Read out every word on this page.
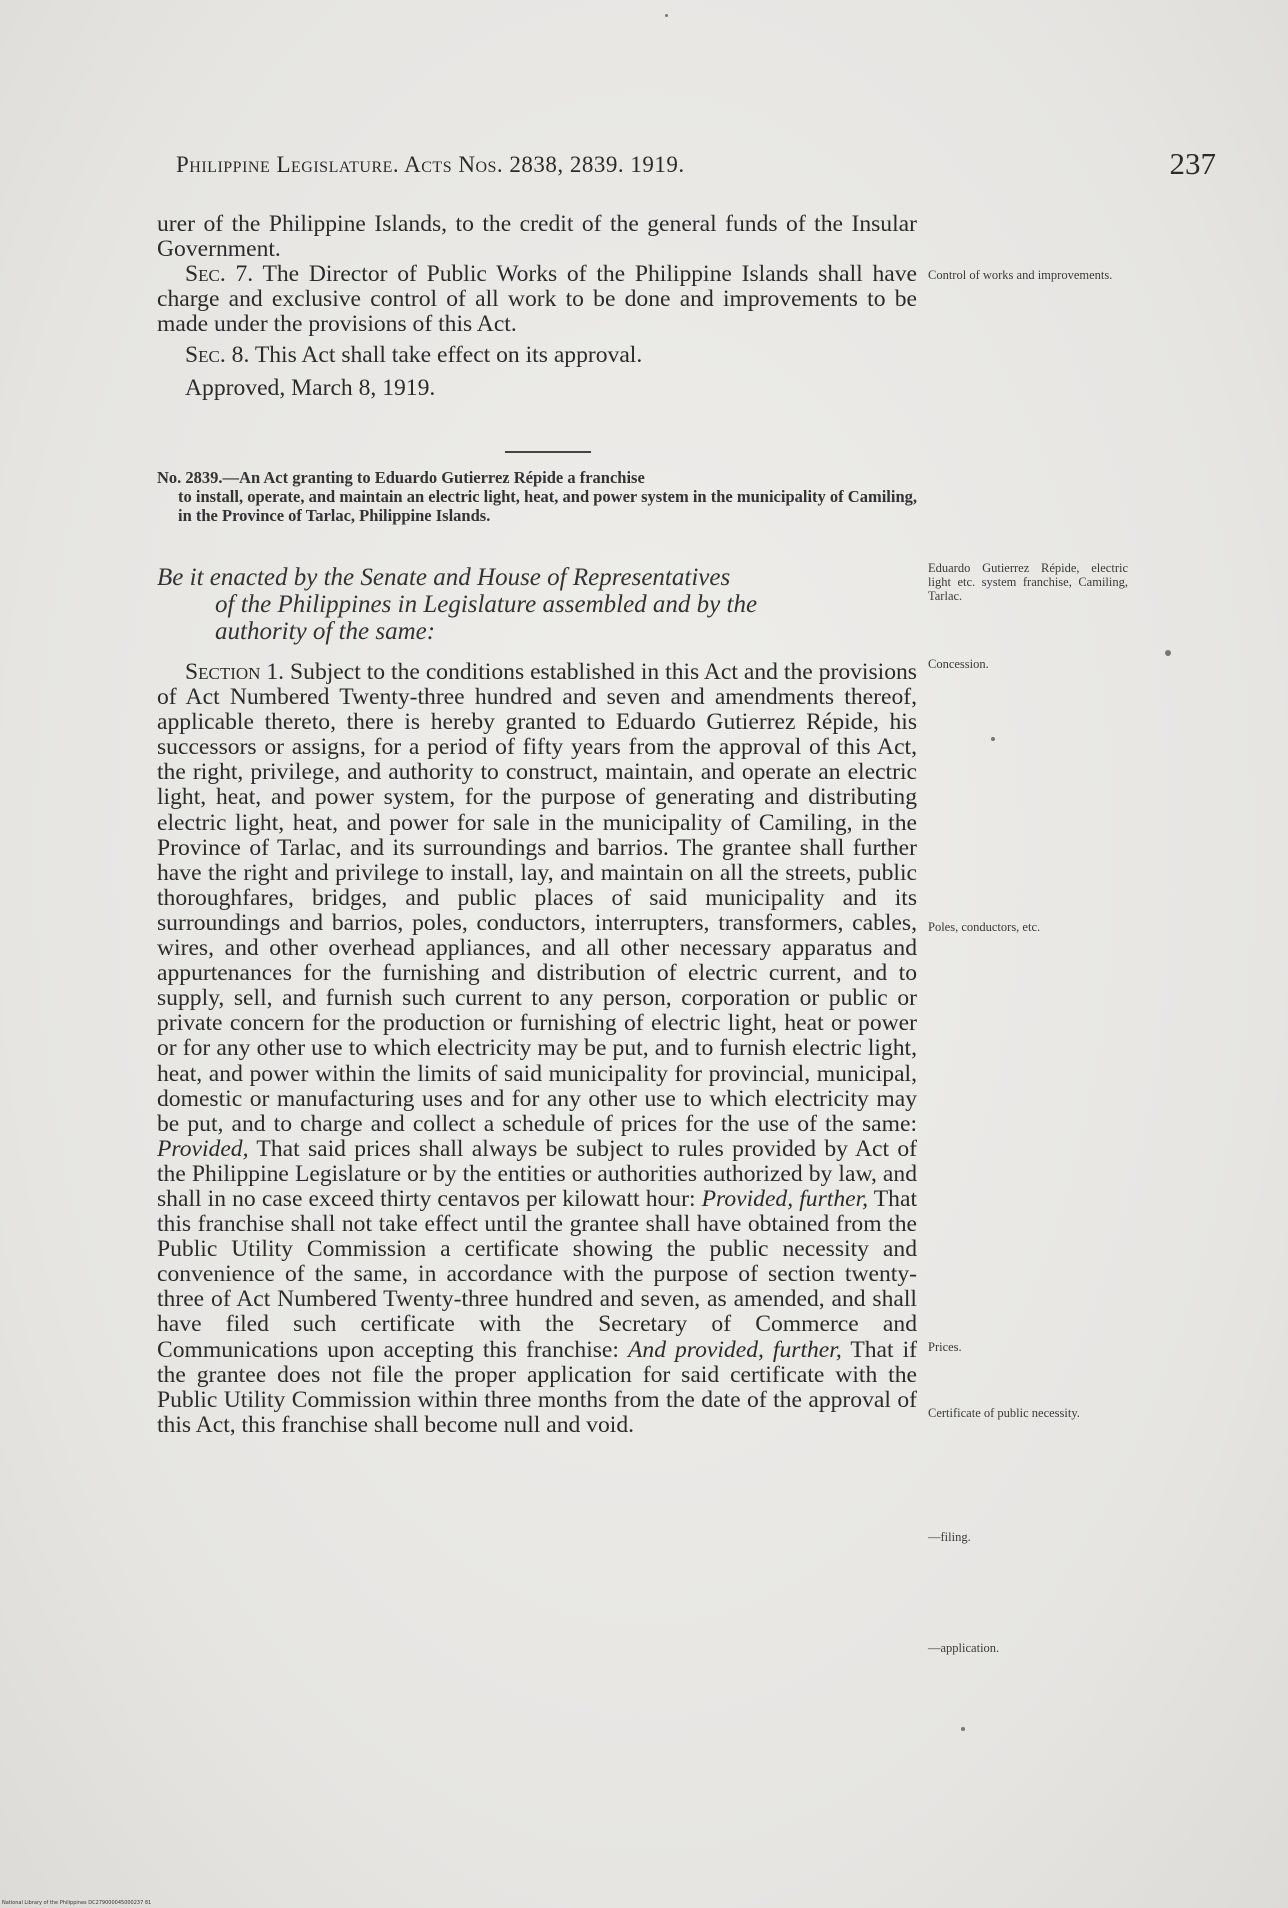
Philippine Legislature. Acts Nos. 2838, 2839. 1919.	237

urer of the Philippine Islands, to the credit of the general funds of the Insular Government.

Sec. 7. The Director of Public Works of the Philippine Islands shall have charge and exclusive control of all work to be done and improvements to be made under the provisions of this Act.

Sec. 8. This Act shall take effect on its approval.

Approved, March 8, 1919.

No. 2839.—An Act granting to Eduardo Gutierrez Répide a franchise
to install, operate, and maintain an electric light, heat, and power system in the municipality of Camiling, in the Province of Tarlac, Philippine Islands.
Be it enacted by the Senate and House of Representatives
of the Philippines in Legislature assembled and by the
authority of the same:

Section 1. Subject to the conditions established in this Act and the provisions of Act Numbered Twenty-three hundred and seven and amendments thereof, applicable thereto, there is hereby granted to Eduardo Gutierrez Répide, his successors or assigns, for a period of fifty years from the approval of this Act, the right, privilege, and authority to construct, maintain, and operate an electric light, heat, and power system, for the purpose of generating and distributing electric light, heat, and power for sale in the municipality of Camiling, in the Province of Tarlac, and its surroundings and barrios. The grantee shall further have the right and privilege to install, lay, and maintain on all the streets, public thoroughfares, bridges, and public places of said municipality and its surroundings and barrios, poles, conductors, interrupters, transformers, cables, wires, and other overhead appliances, and all other necessary apparatus and appurtenances for the furnishing and distribution of electric current, and to supply, sell, and furnish such current to any person, corporation or public or private concern for the production or furnishing of electric light, heat or power or for any other use to which electricity may be put, and to furnish electric light, heat, and power within the limits of said municipality for provincial, municipal, domestic or manufacturing uses and for any other use to which electricity may be put, and to charge and collect a schedule of prices for the use of the same: Provided, That said prices shall always be subject to rules provided by Act of the Philippine Legislature or by the entities or authorities authorized by law, and shall in no case exceed thirty centavos per kilowatt hour: Provided, further, That this franchise shall not take effect until the grantee shall have obtained from the Public Utility Commission a certificate showing the public necessity and convenience of the same, in accordance with the purpose of section twenty-three of Act Numbered Twenty-three hundred and seven, as amended, and shall have filed such certificate with the Secretary of Commerce and Communications upon accepting this franchise: And provided, further, That if the grantee does not file the proper application for said certificate with the Public Utility Commission within three months from the date of the approval of this Act, this franchise shall become null and void.

Control of works and improvements.
Eduardo Gutierrez Répide, electric light etc. system franchise, Camiling, Tarlac.
Concession.
Poles, conductors, etc.
Prices.
Certificate of public necessity.
—filing.
—application.
National Library of the Philippines DC279000045000237 81
